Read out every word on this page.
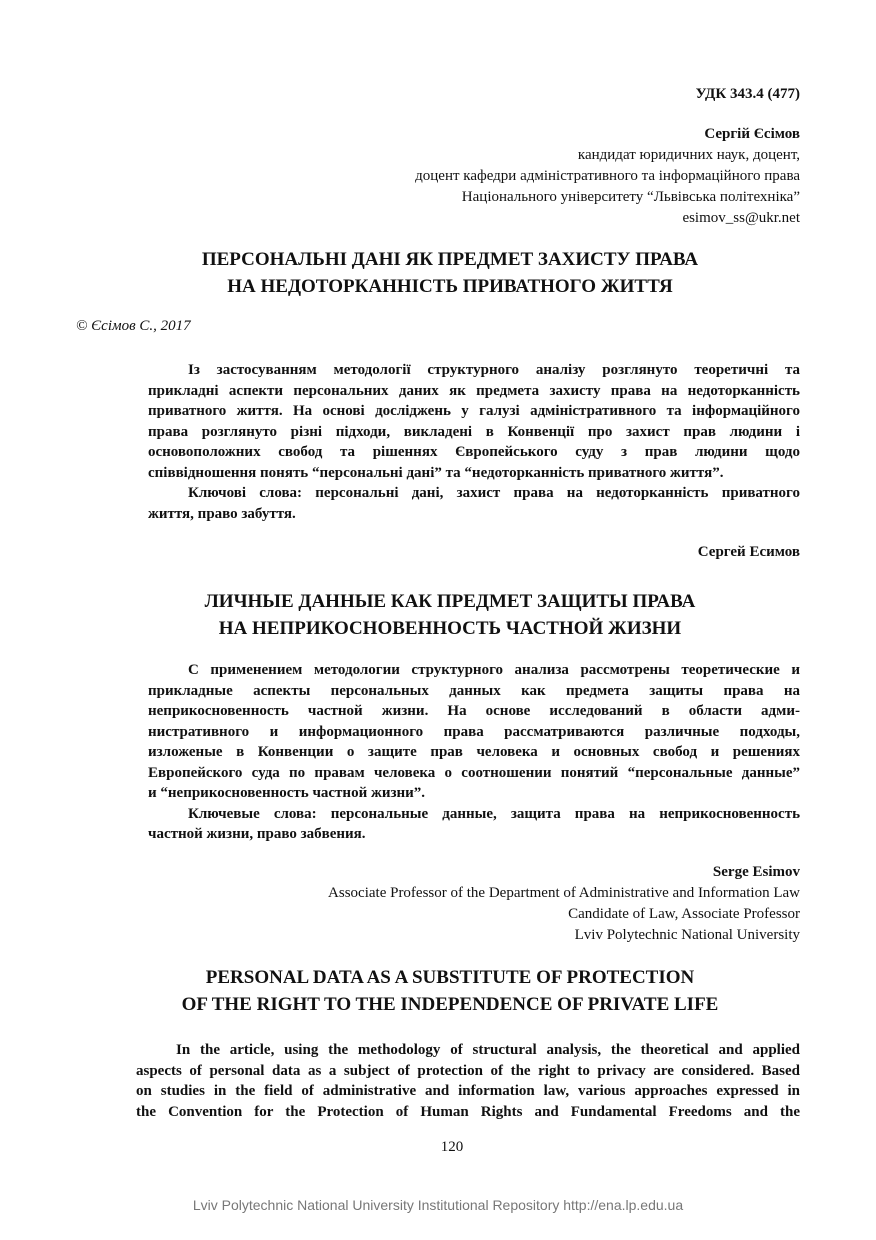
УДК 343.4 (477)
Сергій Єсімов
кандидат юридичних наук, доцент,
доцент кафедри адміністративного та інформаційного права
Національного університету “Львівська політехніка”
esimov_ss@ukr.net
ПЕРСОНАЛЬНІ ДАНІ ЯК ПРЕДМЕТ ЗАХИСТУ ПРАВА
НА НЕДОТОРКАННІСТЬ ПРИВАТНОГО ЖИТТЯ
© Єсімов С., 2017
Із застосуванням методології структурного аналізу розглянуто теоретичні та
прикладні аспекти персональних даних як предмета захисту права на недоторканність
приватного життя. На основі досліджень у галузі адміністративного та інформаційного
права розглянуто різні підходи, викладені в Конвенції про захист прав людини і
основоположних свобод та рішеннях Європейського суду з прав людини щодо
співвідношення понять “персональні дані” та “недоторканність приватного життя”.
Ключові слова: персональні дані, захист права на недоторканність приватного
життя, право забуття.
Сергей Есимов
ЛИЧНЫЕ ДАННЫЕ КАК ПРЕДМЕТ ЗАЩИТЫ ПРАВА
НА НЕПРИКОСНОВЕННОСТЬ ЧАСТНОЙ ЖИЗНИ
С применением методологии структурного анализа рассмотрены теоретические и
прикладные аспекты персональных данных как предмета защиты права на
неприкосновенность частной жизни. На основе исследований в области адми-
нистративного и информационного права рассматриваются различные подходы,
изложеные в Конвенции о защите прав человека и основных свобод и решениях
Европейского суда по правам человека о соотношении понятий “персональные данные”
и “неприкосновенность частной жизни”.
Ключевые слова: персональные данные, защита права на неприкосновенность
частной жизни, право забвения.
Serge Esimov
Associate Professor of the Department of Administrative and Information Law
Candidate of Law, Associate Professor
Lviv Polytechnic National University
PERSONAL DATA AS A SUBSTITUTE OF PROTECTION
OF THE RIGHT TO THE INDEPENDENCE OF PRIVATE LIFE
In the article, using the methodology of structural analysis, the theoretical and applied
aspects of personal data as a subject of protection of the right to privacy are considered. Based
on studies in the field of administrative and information law, various approaches expressed in
the Convention for the Protection of Human Rights and Fundamental Freedoms and the
120
Lviv Polytechnic National University Institutional Repository http://ena.lp.edu.ua
